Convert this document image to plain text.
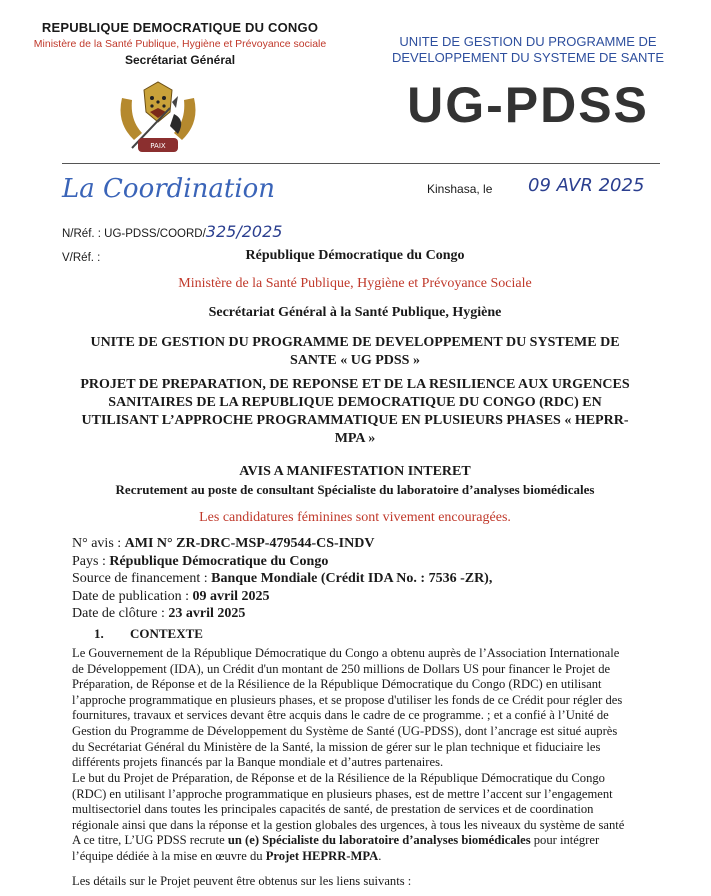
REPUBLIQUE DEMOCRATIQUE DU CONGO
Ministère de la Santé Publique, Hygiène et Prévoyance sociale
Secrétariat Général
PAIX
UNITE DE GESTION DU PROGRAMME DE
DEVELOPPEMENT DU SYSTEME DE SANTE
UG-PDSS
La Coordination	Kinshasa, le 09 AVR 2025
N/Réf. : UG-PDSS/COORD/325/2025
V/Réf. :	République Démocratique du Congo
Ministère de la Santé Publique, Hygiène et Prévoyance Sociale
Secrétariat Général à la Santé Publique, Hygiène
UNITE DE GESTION DU PROGRAMME DE DEVELOPPEMENT DU SYSTEME DE
SANTE « UG PDSS »
PROJET DE PREPARATION, DE REPONSE ET DE LA RESILIENCE AUX URGENCES
SANITAIRES DE LA REPUBLIQUE DEMOCRATIQUE DU CONGO (RDC) EN
UTILISANT L’APPROCHE PROGRAMMATIQUE EN PLUSIEURS PHASES « HEPRR-
MPA »
AVIS A MANIFESTATION INTERET
Recrutement au poste de consultant Spécialiste du laboratoire d’analyses biomédicales
Les candidatures féminines sont vivement encouragées.
N° avis : AMI N° ZR-DRC-MSP-479544-CS-INDV
Pays : République Démocratique du Congo
Source de financement : Banque Mondiale (Crédit IDA No. : 7536 -ZR),
Date de publication : 09 avril 2025
Date de clôture : 23 avril 2025
1. CONTEXTE
Le Gouvernement de la République Démocratique du Congo a obtenu auprès de l’Association Internationale
de Développement (IDA), un Crédit d'un montant de 250 millions de Dollars US pour financer le Projet de
Préparation, de Réponse et de la Résilience de la République Démocratique du Congo (RDC) en utilisant
l’approche programmatique en plusieurs phases, et se propose d'utiliser les fonds de ce Crédit pour régler des
fournitures, travaux et services devant être acquis dans le cadre de ce programme. ; et a confié à l’Unité de
Gestion du Programme de Développement du Système de Santé (UG-PDSS), dont l’ancrage est situé auprès
du Secrétariat Général du Ministère de la Santé, la mission de gérer sur le plan technique et fiduciaire les
différents projets financés par la Banque mondiale et d’autres partenaires.
Le but du Projet de Préparation, de Réponse et de la Résilience de la République Démocratique du Congo
(RDC) en utilisant l’approche programmatique en plusieurs phases, est de mettre l’accent sur l’engagement
multisectoriel dans toutes les principales capacités de santé, de prestation de services et de coordination
régionale ainsi que dans la réponse et la gestion globales des urgences, à tous les niveaux du système de santé
A ce titre, L’UG PDSS recrute un (e) Spécialiste du laboratoire d’analyses biomédicales pour intégrer
l’équipe dédiée à la mise en œuvre du Projet HEPRR-MPA.
Les détails sur le Projet peuvent être obtenus sur les liens suivants :
